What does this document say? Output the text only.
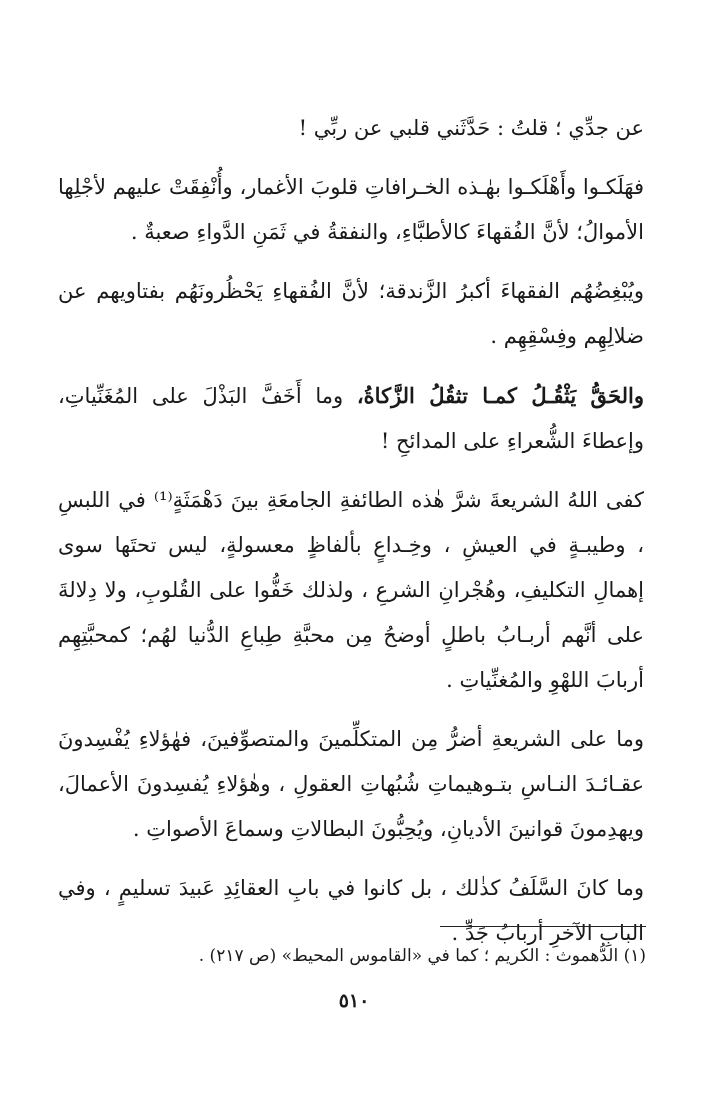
عن جدِّي ؛ قلتُ : حَدَّثَني قلبي عن ربِّي !

فهَلَكـوا وأَهْلَكـوا بهٰـذه الخـرافاتِ قلوبَ الأغمار، وأُنْفِقَتْ عليهم لأجْلِها الأموالُ؛ لأنَّ الفُقهاءَ كالأطبَّاءِ، والنفقةُ في ثَمَنِ الدَّواءِ صعبةٌ .

ويُبْغِضُهُم الفقهاءَ أكبرُ الزَّندقة؛ لأنَّ الفُقهاءِ يَحْظُرونَهُم بفتاويهم عن ضلالِهِم وفِسْقِهِم .

والحَقُّ يَثْقُـلُ كمـا تثقُلُ الزَّكاةُ، وما أَخَفَّ البَذْلَ على المُغَنِّياتِ، وإعطاءَ الشُّعراءِ على المدائحِ !

كفى اللهُ الشريعةَ شرَّ هٰذه الطائفةِ الجامعَةِ بينَ دَهْمَثَةٍ⁽¹⁾ في اللبسِ ، وطيبـةٍ في العيشِ ، وخِـداعٍ بألفاظٍ معسولةٍ، ليس تحتَها سوى إهمالِ التكليفِ، وهُجْرانِ الشرعِ ، ولذلك خَفُّوا على القُلوبِ، ولا دِلالةَ على أنَّهم أربـابُ باطلٍ أوضحُ مِن محبَّةِ طِباعِ الدُّنيا لهُم؛ كمحبَّتِهِم أربابَ اللهْوِ والمُغنِّياتِ .

وما على الشريعةِ أضرُّ مِن المتكلِّمينَ والمتصوِّفينَ، فهٰؤلاءِ يُفْسِدونَ عقـائـدَ النـاسِ بتـوهيماتِ شُبُهاتِ العقولِ ، وهٰؤلاءِ يُفسِدونَ الأعمالَ، ويهدِمونَ قوانينَ الأديانِ، ويُحِبُّونَ البطالاتِ وسماعَ الأصواتِ .

وما كانَ السَّلَفُ كذٰلك ، بل كانوا في بابِ العقائِدِ عَبيدَ تسليمٍ ، وفي البابِ الآخرِ أربابُ جَدٍّ .

(١) الدُّهموث : الكريم ؛ كما في «القاموس المحيط» (ص ٢١٧) .
٥١٠
